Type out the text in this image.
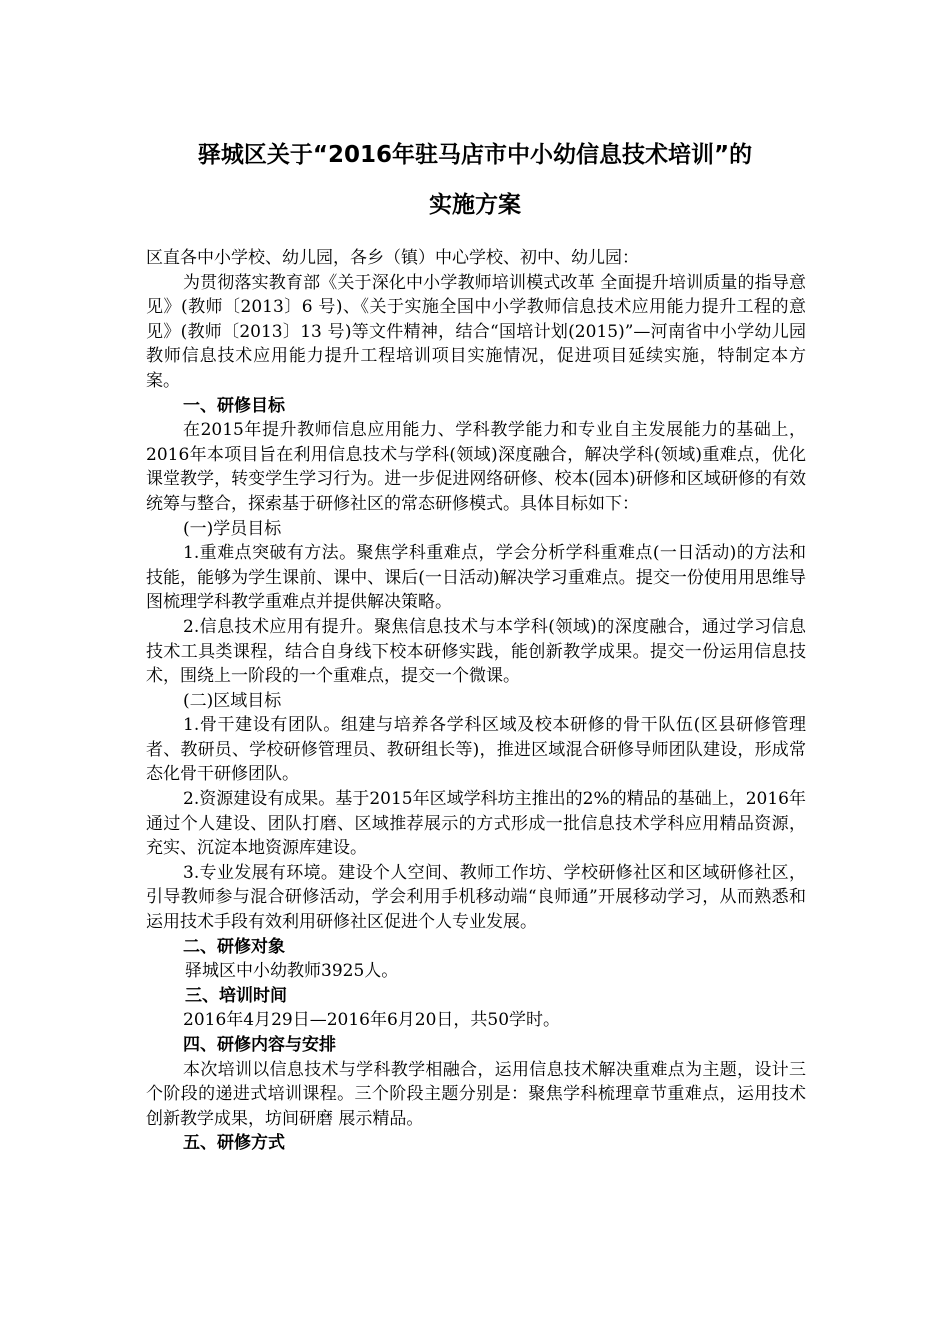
驿城区关于“2016年驻马店市中小幼信息技术培训”的
实施方案

区直各中小学校、幼儿园，各乡（镇）中心学校、初中、幼儿园：

为贯彻落实教育部《关于深化中小学教师培训模式改革 全面提升培训质量的指导意见》(教师〔2013〕6 号)、《关于实施全国中小学教师信息技术应用能力提升工程的意见》(教师〔2013〕13 号)等文件精神，结合“国培计划(2015)”—河南省中小学幼儿园教师信息技术应用能力提升工程培训项目实施情况，促进项目延续实施，特制定本方案。

一、研修目标

在2015年提升教师信息应用能力、学科教学能力和专业自主发展能力的基础上，2016年本项目旨在利用信息技术与学科(领域)深度融合，解决学科(领域)重难点，优化课堂教学，转变学生学习行为。进一步促进网络研修、校本(园本)研修和区域研修的有效统筹与整合，探索基于研修社区的常态研修模式。具体目标如下：

(一)学员目标

1.重难点突破有方法。聚焦学科重难点，学会分析学科重难点(一日活动)的方法和技能，能够为学生课前、课中、课后(一日活动)解决学习重难点。提交一份使用用思维导图梳理学科教学重难点并提供解决策略。

2.信息技术应用有提升。聚焦信息技术与本学科(领域)的深度融合，通过学习信息技术工具类课程，结合自身线下校本研修实践，能创新教学成果。提交一份运用信息技术，围绕上一阶段的一个重难点，提交一个微课。

(二)区域目标

1.骨干建设有团队。组建与培养各学科区域及校本研修的骨干队伍(区县研修管理者、教研员、学校研修管理员、教研组长等)，推进区域混合研修导师团队建设，形成常态化骨干研修团队。

2.资源建设有成果。基于2015年区域学科坊主推出的2%的精品的基础上，2016年通过个人建设、团队打磨、区域推荐展示的方式形成一批信息技术学科应用精品资源，充实、沉淀本地资源库建设。

3.专业发展有环境。建设个人空间、教师工作坊、学校研修社区和区域研修社区，引导教师参与混合研修活动，学会利用手机移动端“良师通”开展移动学习，从而熟悉和运用技术手段有效利用研修社区促进个人专业发展。

二、研修对象

驿城区中小幼教师3925人。

三、培训时间

2016年4月29日—2016年6月20日，共50学时。

四、研修内容与安排

本次培训以信息技术与学科教学相融合，运用信息技术解决重难点为主题，设计三个阶段的递进式培训课程。三个阶段主题分别是：聚焦学科梳理章节重难点，运用技术 创新教学成果，坊间研磨 展示精品。

五、研修方式
